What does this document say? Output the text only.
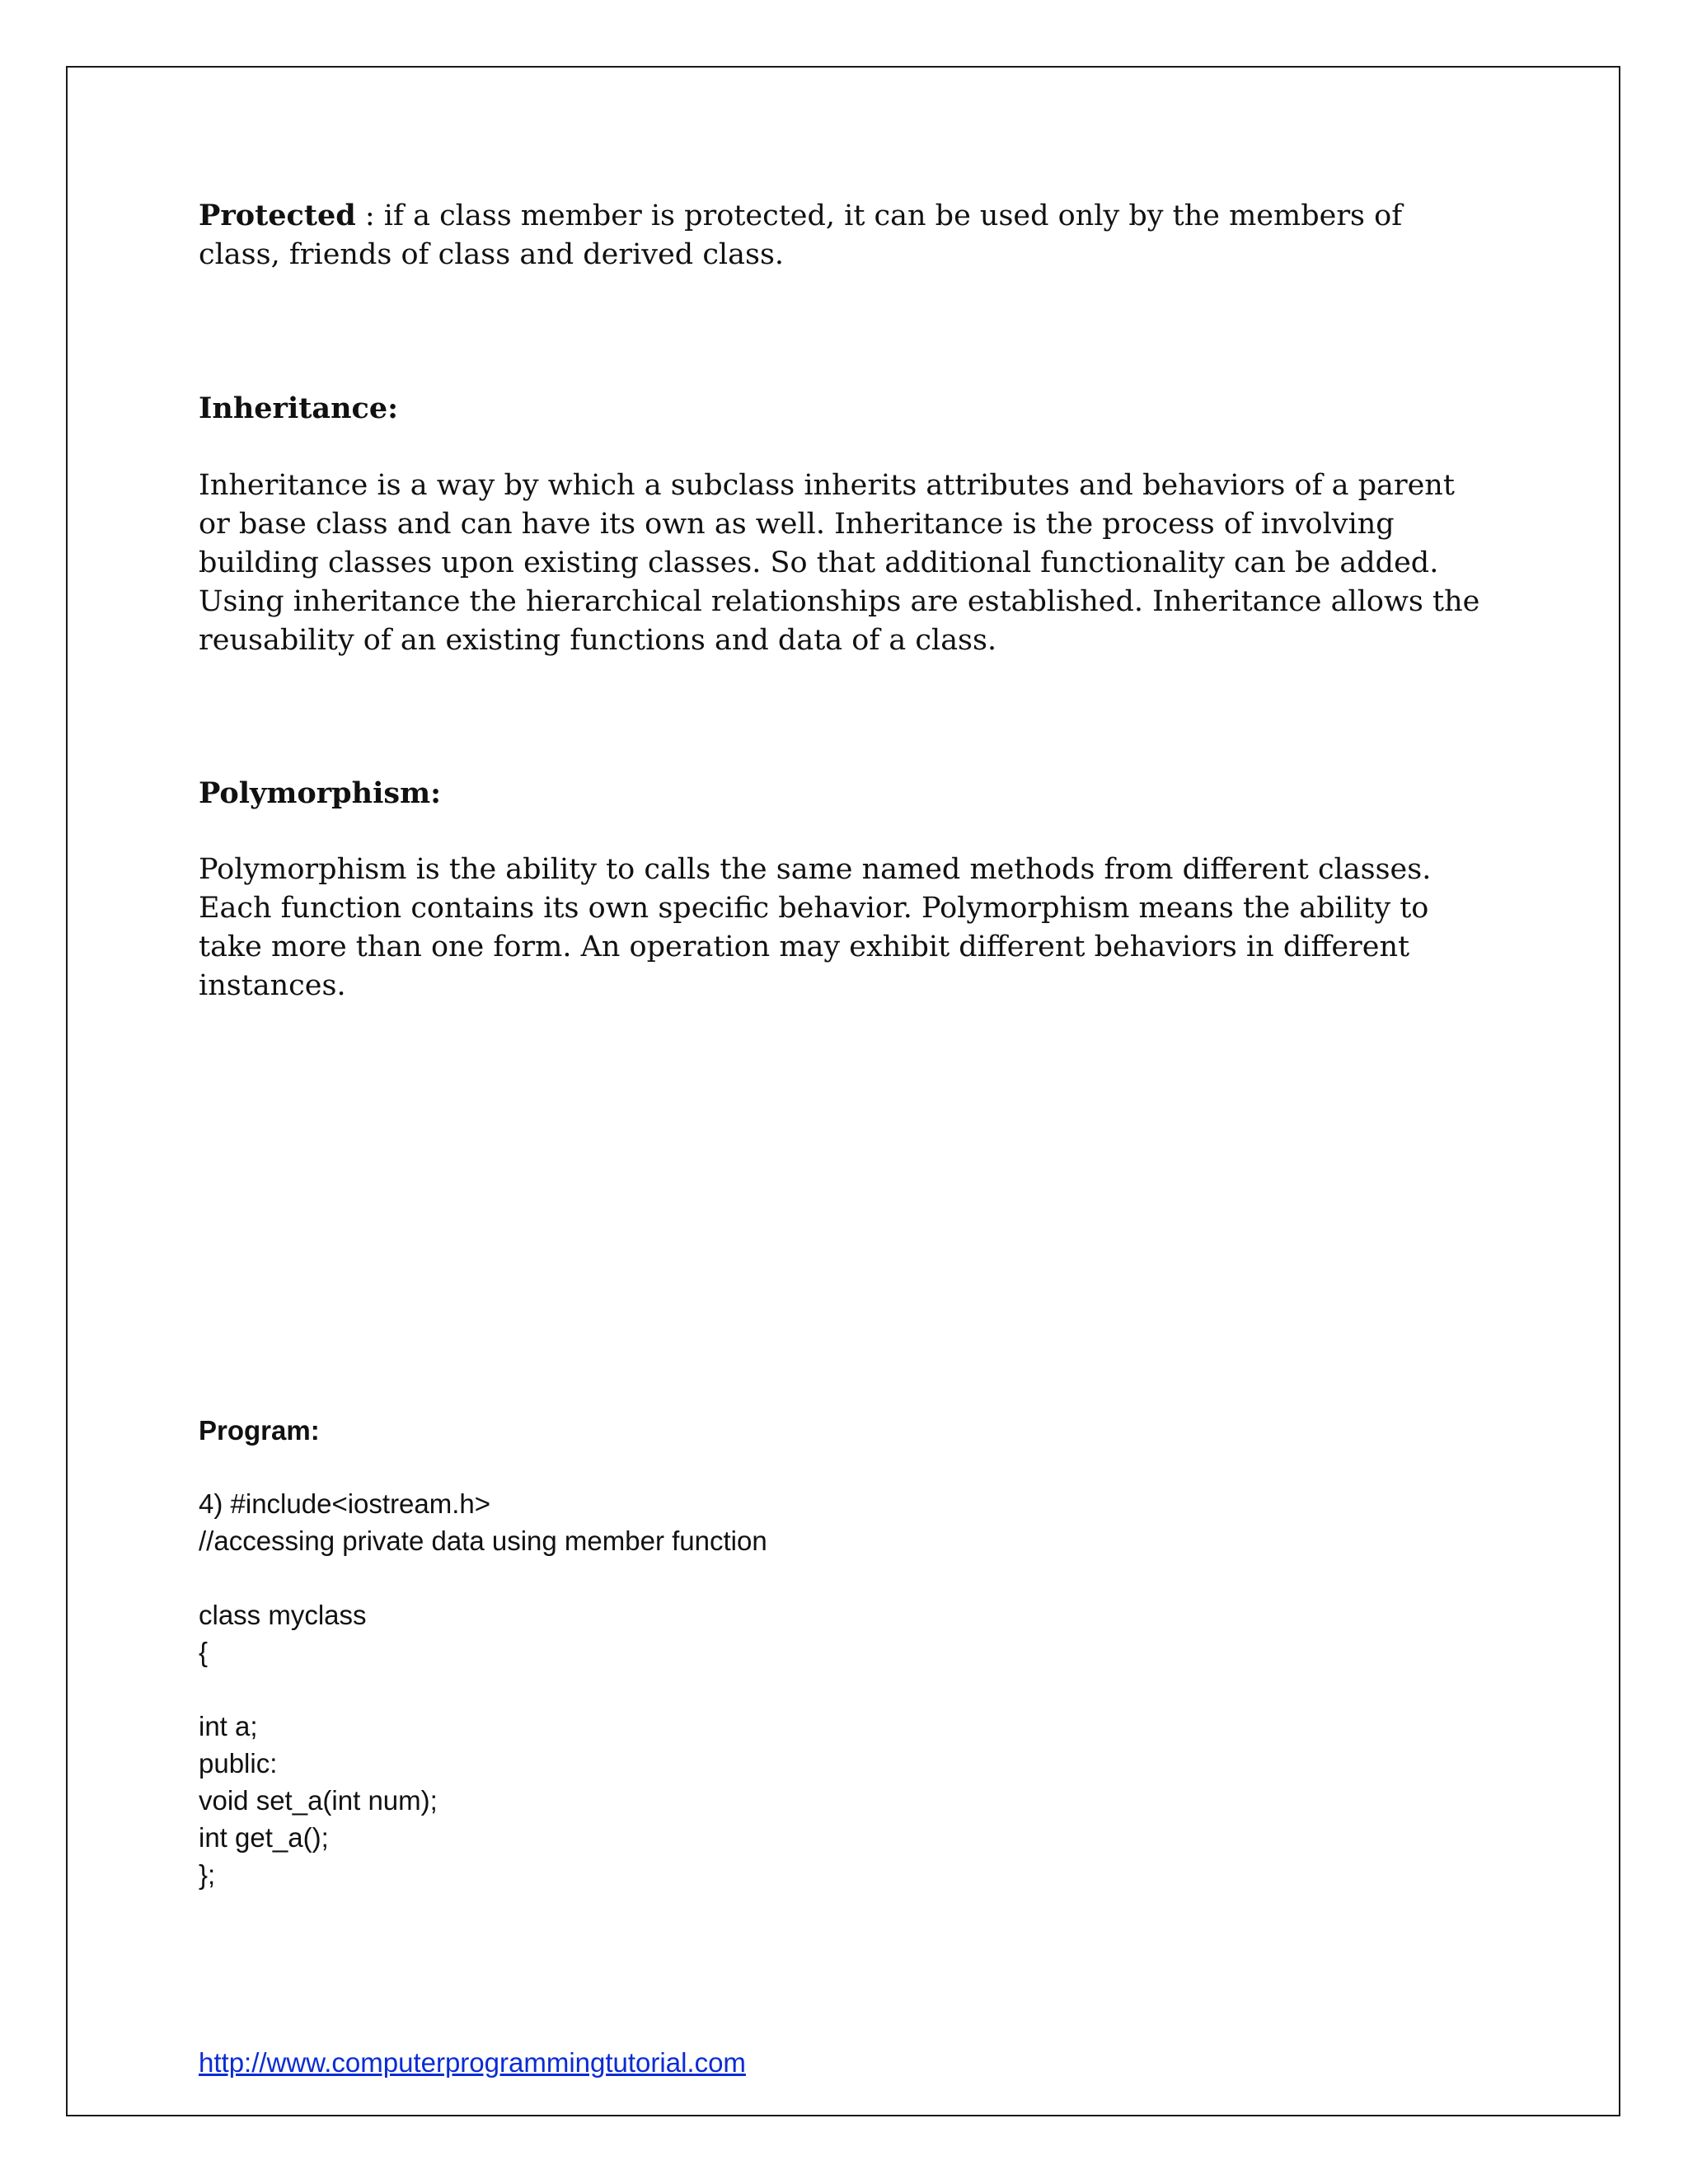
Protected : if a class member is protected, it can be used only by the members of class, friends of class and derived class.

Inheritance:

Inheritance is a way by which a subclass inherits attributes and behaviors of a parent or base class and can have its own as well. Inheritance is the process of involving building classes upon existing classes. So that additional functionality can be added. Using inheritance the hierarchical relationships are established. Inheritance allows the reusability of an existing functions and data of a class.

Polymorphism:

Polymorphism is the ability to calls the same named methods from different classes. Each function contains its own specific behavior. Polymorphism means the ability to take more than one form. An operation may exhibit different behaviors in different instances.

Program:

4) #include<iostream.h>
//accessing private data using member function
class myclass
{
int a;
public:
void set_a(int num);
int get_a();
};

http://www.computerprogrammingtutorial.com
